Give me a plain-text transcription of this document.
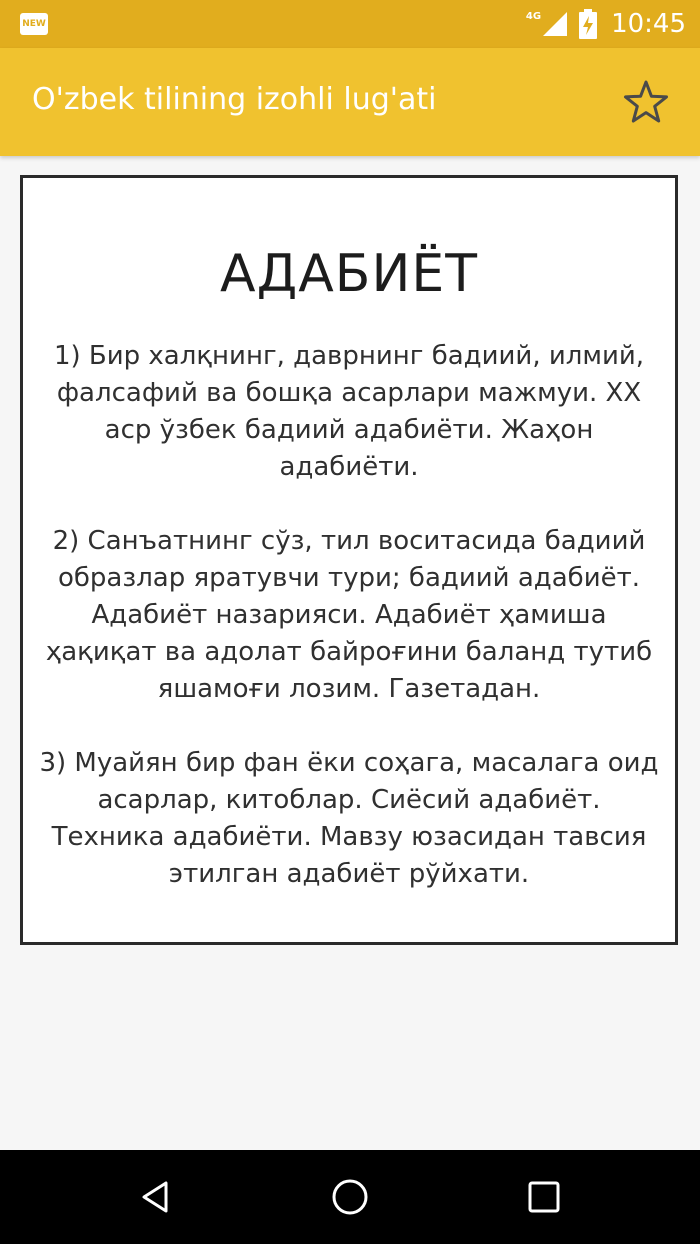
NEW
4G	10:45
O'zbek tilining izohli lug'ati
АДАБИЁТ

1) Бир халқнинг, даврнинг бадиий, илмий, фалсафий ва бошқа асарлари мажмуи. ХХ аср ўзбек бадиий адабиёти. Жаҳон адабиёти.

2) Санъатнинг сўз, тил воситасида бадиий образлар яратувчи тури; бадиий адабиёт. Адабиёт назарияси. Адабиёт ҳамиша ҳақиқат ва адолат байроғини баланд тутиб яшамоғи лозим. Газетадан.

3) Муайян бир фан ёки соҳага, масалага оид асарлар, китоблар. Сиёсий адабиёт. Техника адабиёти. Мавзу юзасидан тавсия этилган адабиёт рўйхати.
